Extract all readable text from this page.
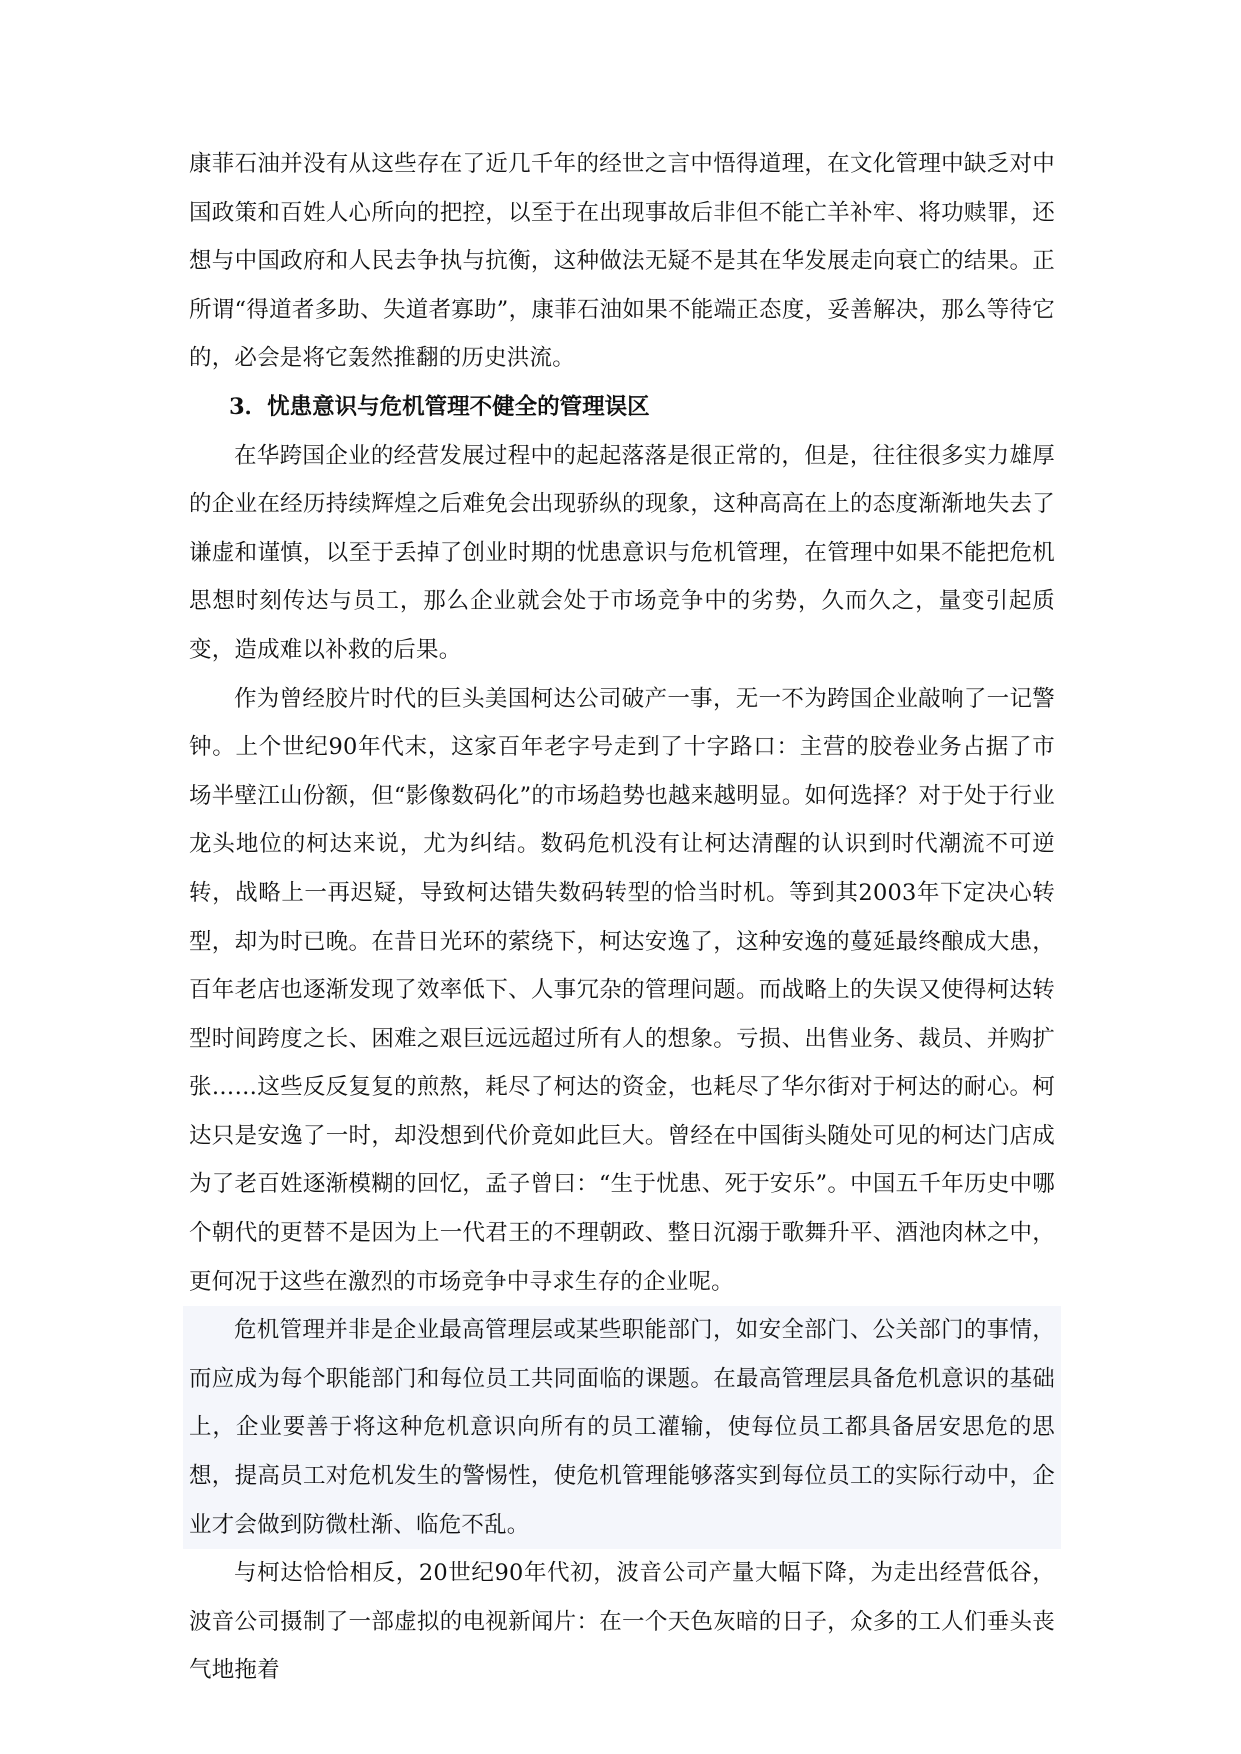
康菲石油并没有从这些存在了近几千年的经世之言中悟得道理，在文化管理中缺乏对中国政策和百姓人心所向的把控，以至于在出现事故后非但不能亡羊补牢、将功赎罪，还想与中国政府和人民去争执与抗衡，这种做法无疑不是其在华发展走向衰亡的结果。正所谓“得道者多助、失道者寡助”，康菲石油如果不能端正态度，妥善解决，那么等待它的，必会是将它轰然推翻的历史洪流。

3．忧患意识与危机管理不健全的管理误区

在华跨国企业的经营发展过程中的起起落落是很正常的，但是，往往很多实力雄厚的企业在经历持续辉煌之后难免会出现骄纵的现象，这种高高在上的态度渐渐地失去了谦虚和谨慎，以至于丢掉了创业时期的忧患意识与危机管理，在管理中如果不能把危机思想时刻传达与员工，那么企业就会处于市场竞争中的劣势，久而久之，量变引起质变，造成难以补救的后果。

作为曾经胶片时代的巨头美国柯达公司破产一事，无一不为跨国企业敲响了一记警钟。上个世纪90年代末，这家百年老字号走到了十字路口：主营的胶卷业务占据了市场半壁江山份额，但“影像数码化”的市场趋势也越来越明显。如何选择？对于处于行业龙头地位的柯达来说，尤为纠结。数码危机没有让柯达清醒的认识到时代潮流不可逆转，战略上一再迟疑，导致柯达错失数码转型的恰当时机。等到其2003年下定决心转型，却为时已晚。在昔日光环的萦绕下，柯达安逸了，这种安逸的蔓延最终酿成大患，百年老店也逐渐发现了效率低下、人事冗杂的管理问题。而战略上的失误又使得柯达转型时间跨度之长、困难之艰巨远远超过所有人的想象。亏损、出售业务、裁员、并购扩张……这些反反复复的煎熬，耗尽了柯达的资金，也耗尽了华尔街对于柯达的耐心。柯达只是安逸了一时，却没想到代价竟如此巨大。曾经在中国街头随处可见的柯达门店成为了老百姓逐渐模糊的回忆，孟子曾曰：“生于忧患、死于安乐”。中国五千年历史中哪个朝代的更替不是因为上一代君王的不理朝政、整日沉溺于歌舞升平、酒池肉林之中，更何况于这些在激烈的市场竞争中寻求生存的企业呢。

危机管理并非是企业最高管理层或某些职能部门，如安全部门、公关部门的事情，而应成为每个职能部门和每位员工共同面临的课题。在最高管理层具备危机意识的基础上，企业要善于将这种危机意识向所有的员工灌输，使每位员工都具备居安思危的思想，提高员工对危机发生的警惕性，使危机管理能够落实到每位员工的实际行动中，企业才会做到防微杜渐、临危不乱。

与柯达恰恰相反，20世纪90年代初，波音公司产量大幅下降，为走出经营低谷，波音公司摄制了一部虚拟的电视新闻片：在一个天色灰暗的日子，众多的工人们垂头丧气地拖着
